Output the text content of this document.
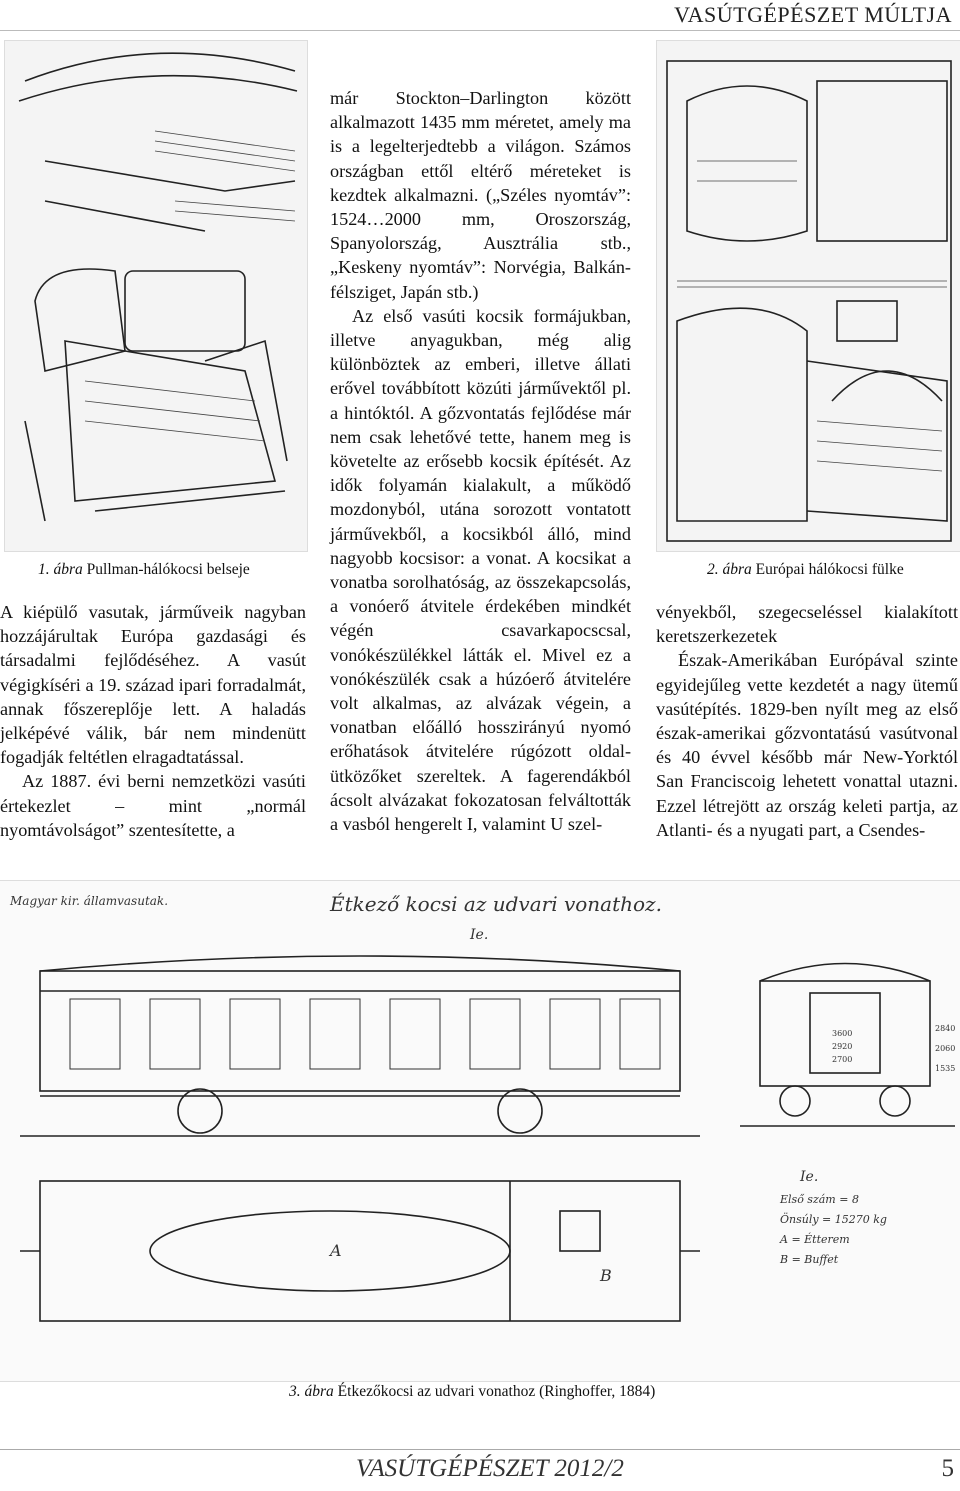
VASÚTGÉPÉSZET MÚLTJA
1. ábra Pullman-hálókocsi belseje

A kiépülő vasutak, járműveik nagyban hozzájárultak Európa gazdasági és társadalmi fejlődéséhez. A vasút végigkíséri a 19. század ipari forradalmát, annak főszereplője lett. A haladás jelképévé válik, bár nem mindenütt fogadják feltétlen elragadtatással.

Az 1887. évi berni nemzetközi vasúti értekezlet – mint „normál nyomtávolságot” szentesítette, a

már Stockton–Darlington között alkalmazott 1435 mm méretet, amely ma is a legelterjedtebb a világon. Számos országban ettől eltérő méreteket is kezdtek alkalmazni. („Széles nyomtáv”: 1524…2000 mm, Oroszország, Spanyolország, Ausztrália stb., „Keskeny nyomtáv”: Norvégia, Balkán-félsziget, Japán stb.)

Az első vasúti kocsik formájukban, illetve anyagukban, még alig különböztek az emberi, illetve állati erővel továbbított közúti járművektől pl. a hintóktól. A gőzvontatás fejlődése már nem csak lehetővé tette, hanem meg is követelte az erősebb kocsik építését. Az idők folyamán kialakult, a működő mozdonyból, utána sorozott vontatott járművekből, a kocsikból álló, mind nagyobb kocsisor: a vonat. A kocsikat a vonatba sorolhatóság, az összekapcsolás, a vonóerő átvitele érdekében mindkét végén csavarkapocscsal, vonókészülékkel látták el. Mivel ez a vonókészülék csak a húzóerő átvitelére volt alkalmas, az alvázak végein, a vonatban előálló hosszirányú nyomó erőhatások átvitelére rúgózott oldal-ütközőket szereltek. A fagerendákból ácsolt alvázakat fokozatosan felváltották a vasból hengerelt I, valamint U szel-

2. ábra Európai hálókocsi fülke

vényekből, szegecseléssel kialakított keretszerkezetek

Észak-Amerikában Európával szinte egyidejűleg vette kezdetét a nagy ütemű vasútépítés. 1829-ben nyílt meg az első észak-amerikai gőzvontatású vasútvonal és 40 évvel később már New-Yorktól San Franciscoig lehetett vonattal utazni. Ezzel létrejött az ország keleti partja, az Atlanti- és a nyugati part, a Csendes-

Magyar kir. államvasutak.	Étkező kocsi az udvari vonathoz.
Ie.
3600
2920
2700
2840
2060
1535
A
B
Ie.
Első szám = 8
Önsúly = 15270 kg
A = Étterem
B = Buffet
3. ábra Étkezőkocsi az udvari vonathoz (Ringhoffer, 1884)
VASÚTGÉPÉSZET 2012/2	5
